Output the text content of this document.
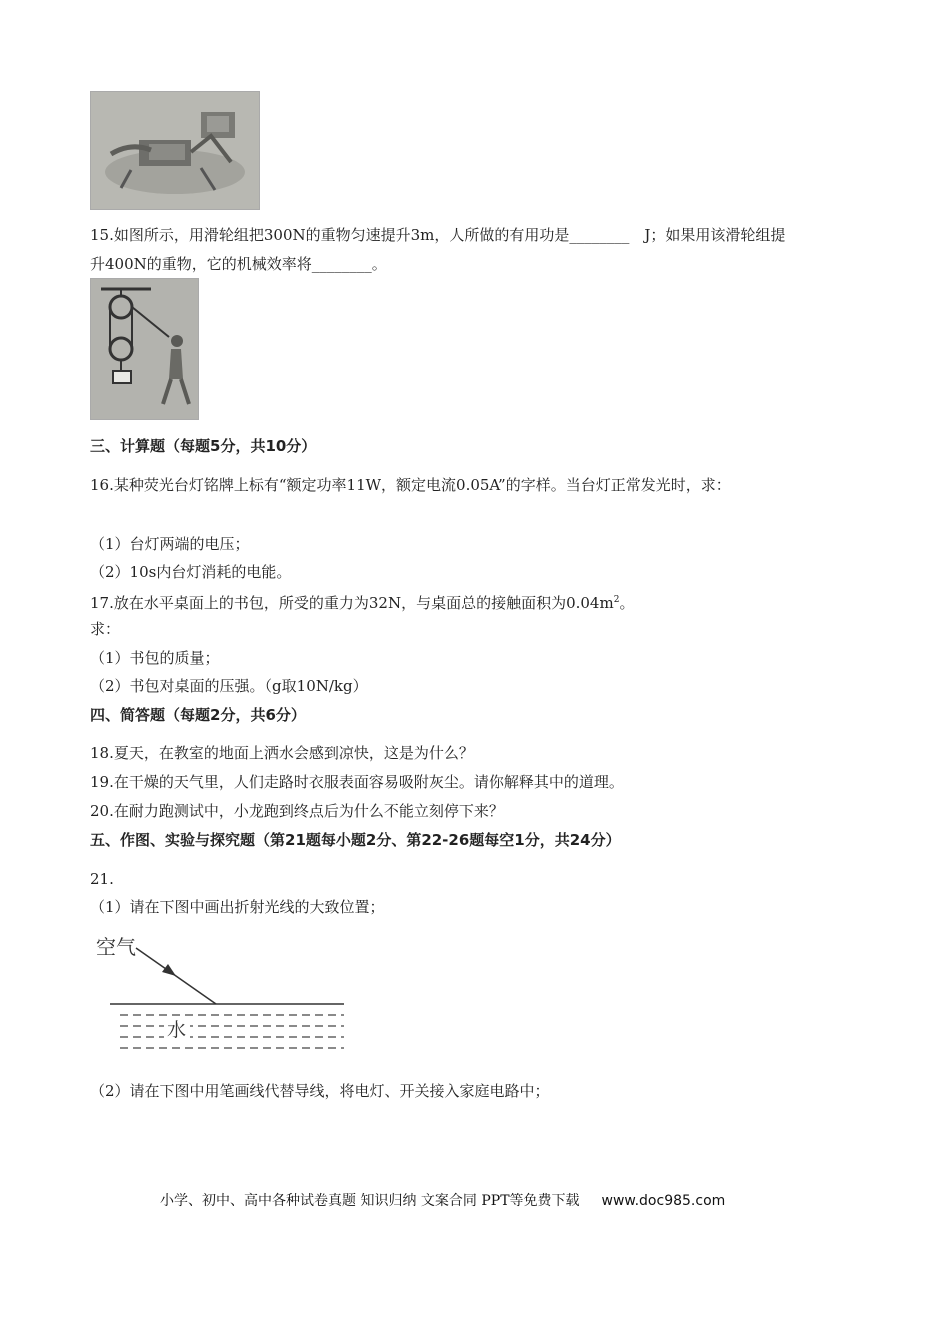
15.如图所示，用滑轮组把300N的重物匀速提升3m，人所做的有用功是________　J；如果用该滑轮组提
升400N的重物，它的机械效率将________。
三、计算题（每题5分，共10分）
16.某种荧光台灯铭牌上标有“额定功率11W，额定电流0.05A”的字样。当台灯正常发光时，求：
（1）台灯两端的电压；
（2）10s内台灯消耗的电能。
17.放在水平桌面上的书包，所受的重力为32N，与桌面总的接触面积为$0.04m^2$。
求：
（1）书包的质量；
（2）书包对桌面的压强。（g取10N/kg）
四、简答题（每题2分，共6分）
18.夏天，在教室的地面上洒水会感到凉快，这是为什么？
19.在干燥的天气里，人们走路时衣服表面容易吸附灰尘。请你解释其中的道理。
20.在耐力跑测试中，小龙跑到终点后为什么不能立刻停下来？
五、作图、实验与探究题（第21题每小题2分、第22-26题每空1分，共24分）
21.
（1）请在下图中画出折射光线的大致位置；
空气
水
（2）请在下图中用笔画线代替导线，将电灯、开关接入家庭电路中；
小学、初中、高中各种试卷真题 知识归纳 文案合同 PPT等免费下载 www.doc985.com
